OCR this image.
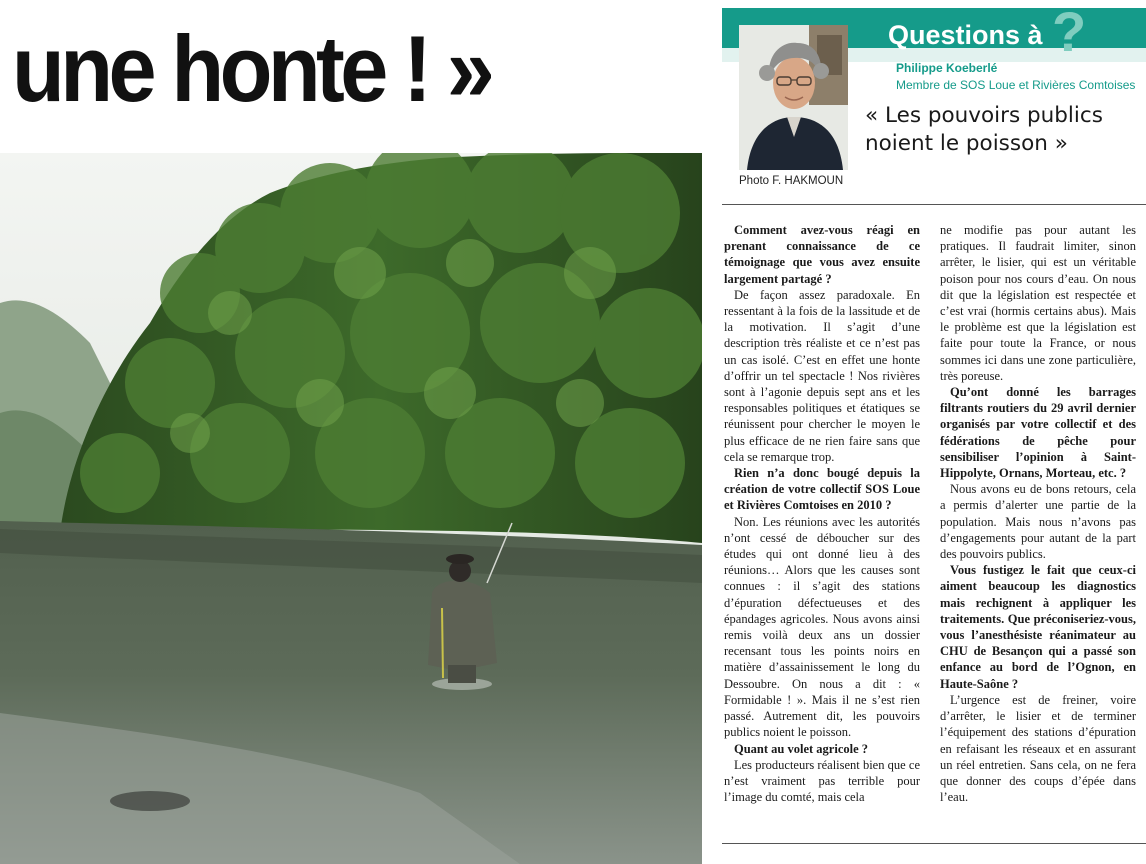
une honte ! »	Questions à ?
Photo F. HAKMOUN
Philippe Koeberlé
Membre de SOS Loue et Rivières Comtoises
« Les pouvoirs publics noient le poisson »

Comment avez-vous réagi en prenant connaissance de ce témoignage que vous avez ensuite largement partagé ?

De façon assez paradoxale. En ressentant à la fois de la lassitude et de la motivation. Il s’agit d’une description très réaliste et ce n’est pas un cas isolé. C’est en effet une honte d’offrir un tel spectacle ! Nos rivières sont à l’agonie depuis sept ans et les responsables politiques et étatiques se réunissent pour chercher le moyen le plus efficace de ne rien faire sans que cela se remarque trop.

Rien n’a donc bougé depuis la création de votre collectif SOS Loue et Rivières Comtoises en 2010 ?

Non. Les réunions avec les autorités n’ont cessé de déboucher sur des études qui ont donné lieu à des réunions… Alors que les causes sont connues : il s’agit des stations d’épuration défectueuses et des épandages agricoles. Nous avons ainsi remis voilà deux ans un dossier recensant tous les points noirs en matière d’assainissement le long du Dessoubre. On nous a dit : « Formidable ! ». Mais il ne s’est rien passé. Autrement dit, les pouvoirs publics noient le poisson.

Quant au volet agricole ?

Les producteurs réalisent bien que ce n’est vraiment pas terrible pour l’image du comté, mais cela

ne modifie pas pour autant les pratiques. Il faudrait limiter, sinon arrêter, le lisier, qui est un véritable poison pour nos cours d’eau. On nous dit que la législation est respectée et c’est vrai (hormis certains abus). Mais le problème est que la législation est faite pour toute la France, or nous sommes ici dans une zone particulière, très poreuse.

Qu’ont donné les barrages filtrants routiers du 29 avril dernier organisés par votre collectif et des fédérations de pêche pour sensibiliser l’opinion à Saint-Hippolyte, Ornans, Morteau, etc. ?

Nous avons eu de bons retours, cela a permis d’alerter une partie de la population. Mais nous n’avons pas d’engagements pour autant de la part des pouvoirs publics.

Vous fustigez le fait que ceux-ci aiment beaucoup les diagnostics mais rechignent à appliquer les traitements. Que préconiseriez-vous, vous l’anesthésiste réanimateur au CHU de Besançon qui a passé son enfance au bord de l’Ognon, en Haute-Saône ?

L’urgence est de freiner, voire d’arrêter, le lisier et de terminer l’équipement des stations d’épuration en refaisant les réseaux et en assurant un réel entretien. Sans cela, on ne fera que donner des coups d’épée dans l’eau.
